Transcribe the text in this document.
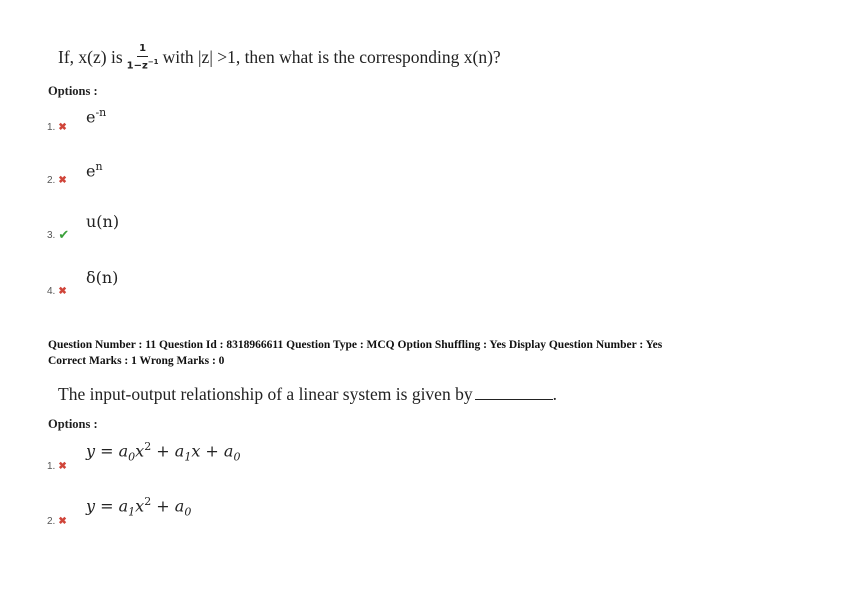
If, x(z) is $\frac{1}{1-z^{-1}}$ with |z| >1, then what is the corresponding x(n)?
Options :
$e^{-n}$
1. ✖
$e^n$
2. ✖
u(n)
3. ✔
δ(n)
4. ✖
Question Number : 11 Question Id : 8318966611 Question Type : MCQ Option Shuffling : Yes Display Question Number : Yes
Correct Marks : 1 Wrong Marks : 0
The input-output relationship of a linear system is given by	.
Options :
$y = a_0x^2 + a_1x + a_0$
1. ✖
$y = a_1x^2 + a_0$
2. ✖
